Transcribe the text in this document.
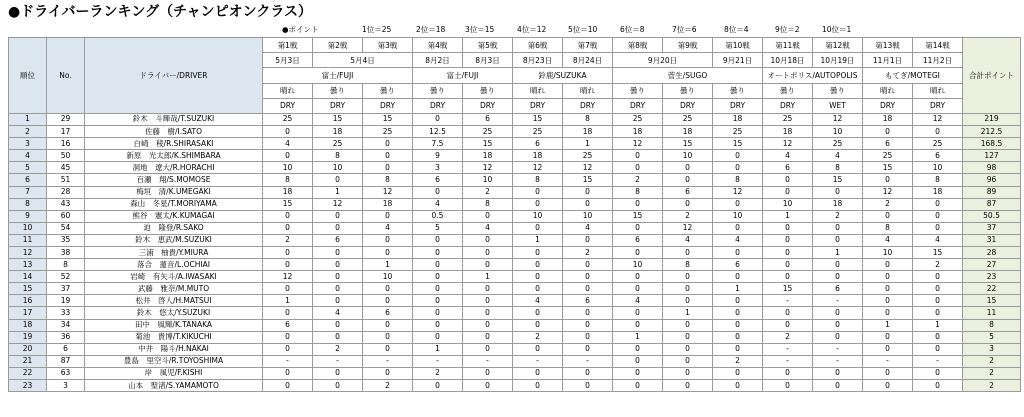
●ドライバーランキング（チャンピオンクラス）
●ポイント	1位＝25	2位＝18	3位＝15	4位＝12	5位＝10	6位＝8	7位＝6	8位＝4	9位＝2	10位＝1
順位	No.	ドライバー/DRIVER	第1戦	第2戦	第3戦	第4戦	第5戦	第6戦	第7戦	第8戦	第9戦	第10戦	第11戦	第12戦	第13戦	第14戦	合計ポイント
			5月3日	5月4日		8月2日	8月3日	8月23日	8月24日	9月20日		9月21日	10月18日	10月19日	11月1日	11月2日	
			富士/FUJI			富士/FUJI		鈴鹿/SUZUKA		菅生/SUGO			オートポリス/AUTOPOLIS		もてぎ/MOTEGI		
			晴れ	曇り	曇り	曇り	曇り	晴れ	晴れ	曇り	曇り	曇り	曇り	曇り	晴れ	晴れ	
			DRY	DRY	DRY	DRY	DRY	DRY	DRY	DRY	DRY	DRY	DRY	WET	DRY	DRY	
1	29	鈴木　斗輝哉/T.SUZUKI	25	15	15	0	6	15	8	25	25	18	25	12	18	12	219
2	17	佐藤　樹/I.SATO	0	18	25	12.5	25	25	18	18	18	25	18	10	0	0	212.5
3	16	白崎　稜/R.SHIRASAKI	4	25	0	7.5	15	6	1	12	15	15	12	25	6	25	168.5
4	50	新原　光太郎/K.SHIMBARA	0	8	0	9	18	18	25	0	10	0	4	4	25	6	127
5	45	洞地　遼大/R.HORACHI	10	10	0	3	12	12	12	0	0	0	6	8	15	10	98
6	51	百瀬　翔/S.MOMOSE	8	0	8	6	10	8	15	2	0	8	0	15	0	8	96
7	28	梅垣　清/K.UMEGAKI	18	1	12	0	2	0	0	8	6	12	0	0	12	18	89
8	43	森山　冬星/T.MORIYAMA	15	12	18	4	8	0	0	0	0	0	10	18	2	0	87
9	60	熊谷　憲太/K.KUMAGAI	0	0	0	0.5	0	10	10	15	2	10	1	2	0	0	50.5
10	54	迫　隆登/R.SAKO	0	0	4	5	4	0	4	0	12	0	0	0	8	0	37
11	35	鈴木　恵武/M.SUZUKI	2	6	0	0	0	1	0	6	4	4	0	0	4	4	31
12	38	三浦　柚貴/Y.MIURA	0	0	0	0	0	0	2	0	0	0	0	1	10	15	28
13	8	落合　蓮音/L.OCHIAI	0	0	1	0	0	0	0	10	8	6	0	0	0	2	27
14	52	岩崎　有矢斗/A.IWASAKI	12	0	10	0	1	0	0	0	0	0	0	0	0	0	23
15	37	武藤　雅奈/M.MUTO	0	0	0	0	0	0	0	0	0	1	15	6	0	0	22
16	19	松井　啓人/H.MATSUI	1	0	0	0	0	4	6	4	0	0	-	-	0	0	15
17	33	鈴木　悠太/Y.SUZUKI	0	4	6	0	0	0	0	0	1	0	0	0	0	0	11
18	34	田中　風輝/K.TANAKA	6	0	0	0	0	0	0	0	0	0	0	0	1	1	8
19	36	菊池　貴博/T.KIKUCHI	0	0	0	0	0	2	0	1	0	0	2	0	0	0	5
20	6	中井　陽斗/H.NAKAI	0	2	0	1	0	0	0	0	0	0	-	-	0	0	3
21	87	豊島　里空斗/R.TOYOSHIMA	-	-	-	-	-	-	-	0	0	2	-	-	-	-	2
22	63	岸　風児/F.KISHI	0	0	0	2	0	0	0	0	0	0	0	0	0	0	2
23	3	山本　聖渚/S.YAMAMOTO	0	0	2	0	0	0	0	0	0	0	0	0	0	0	2
